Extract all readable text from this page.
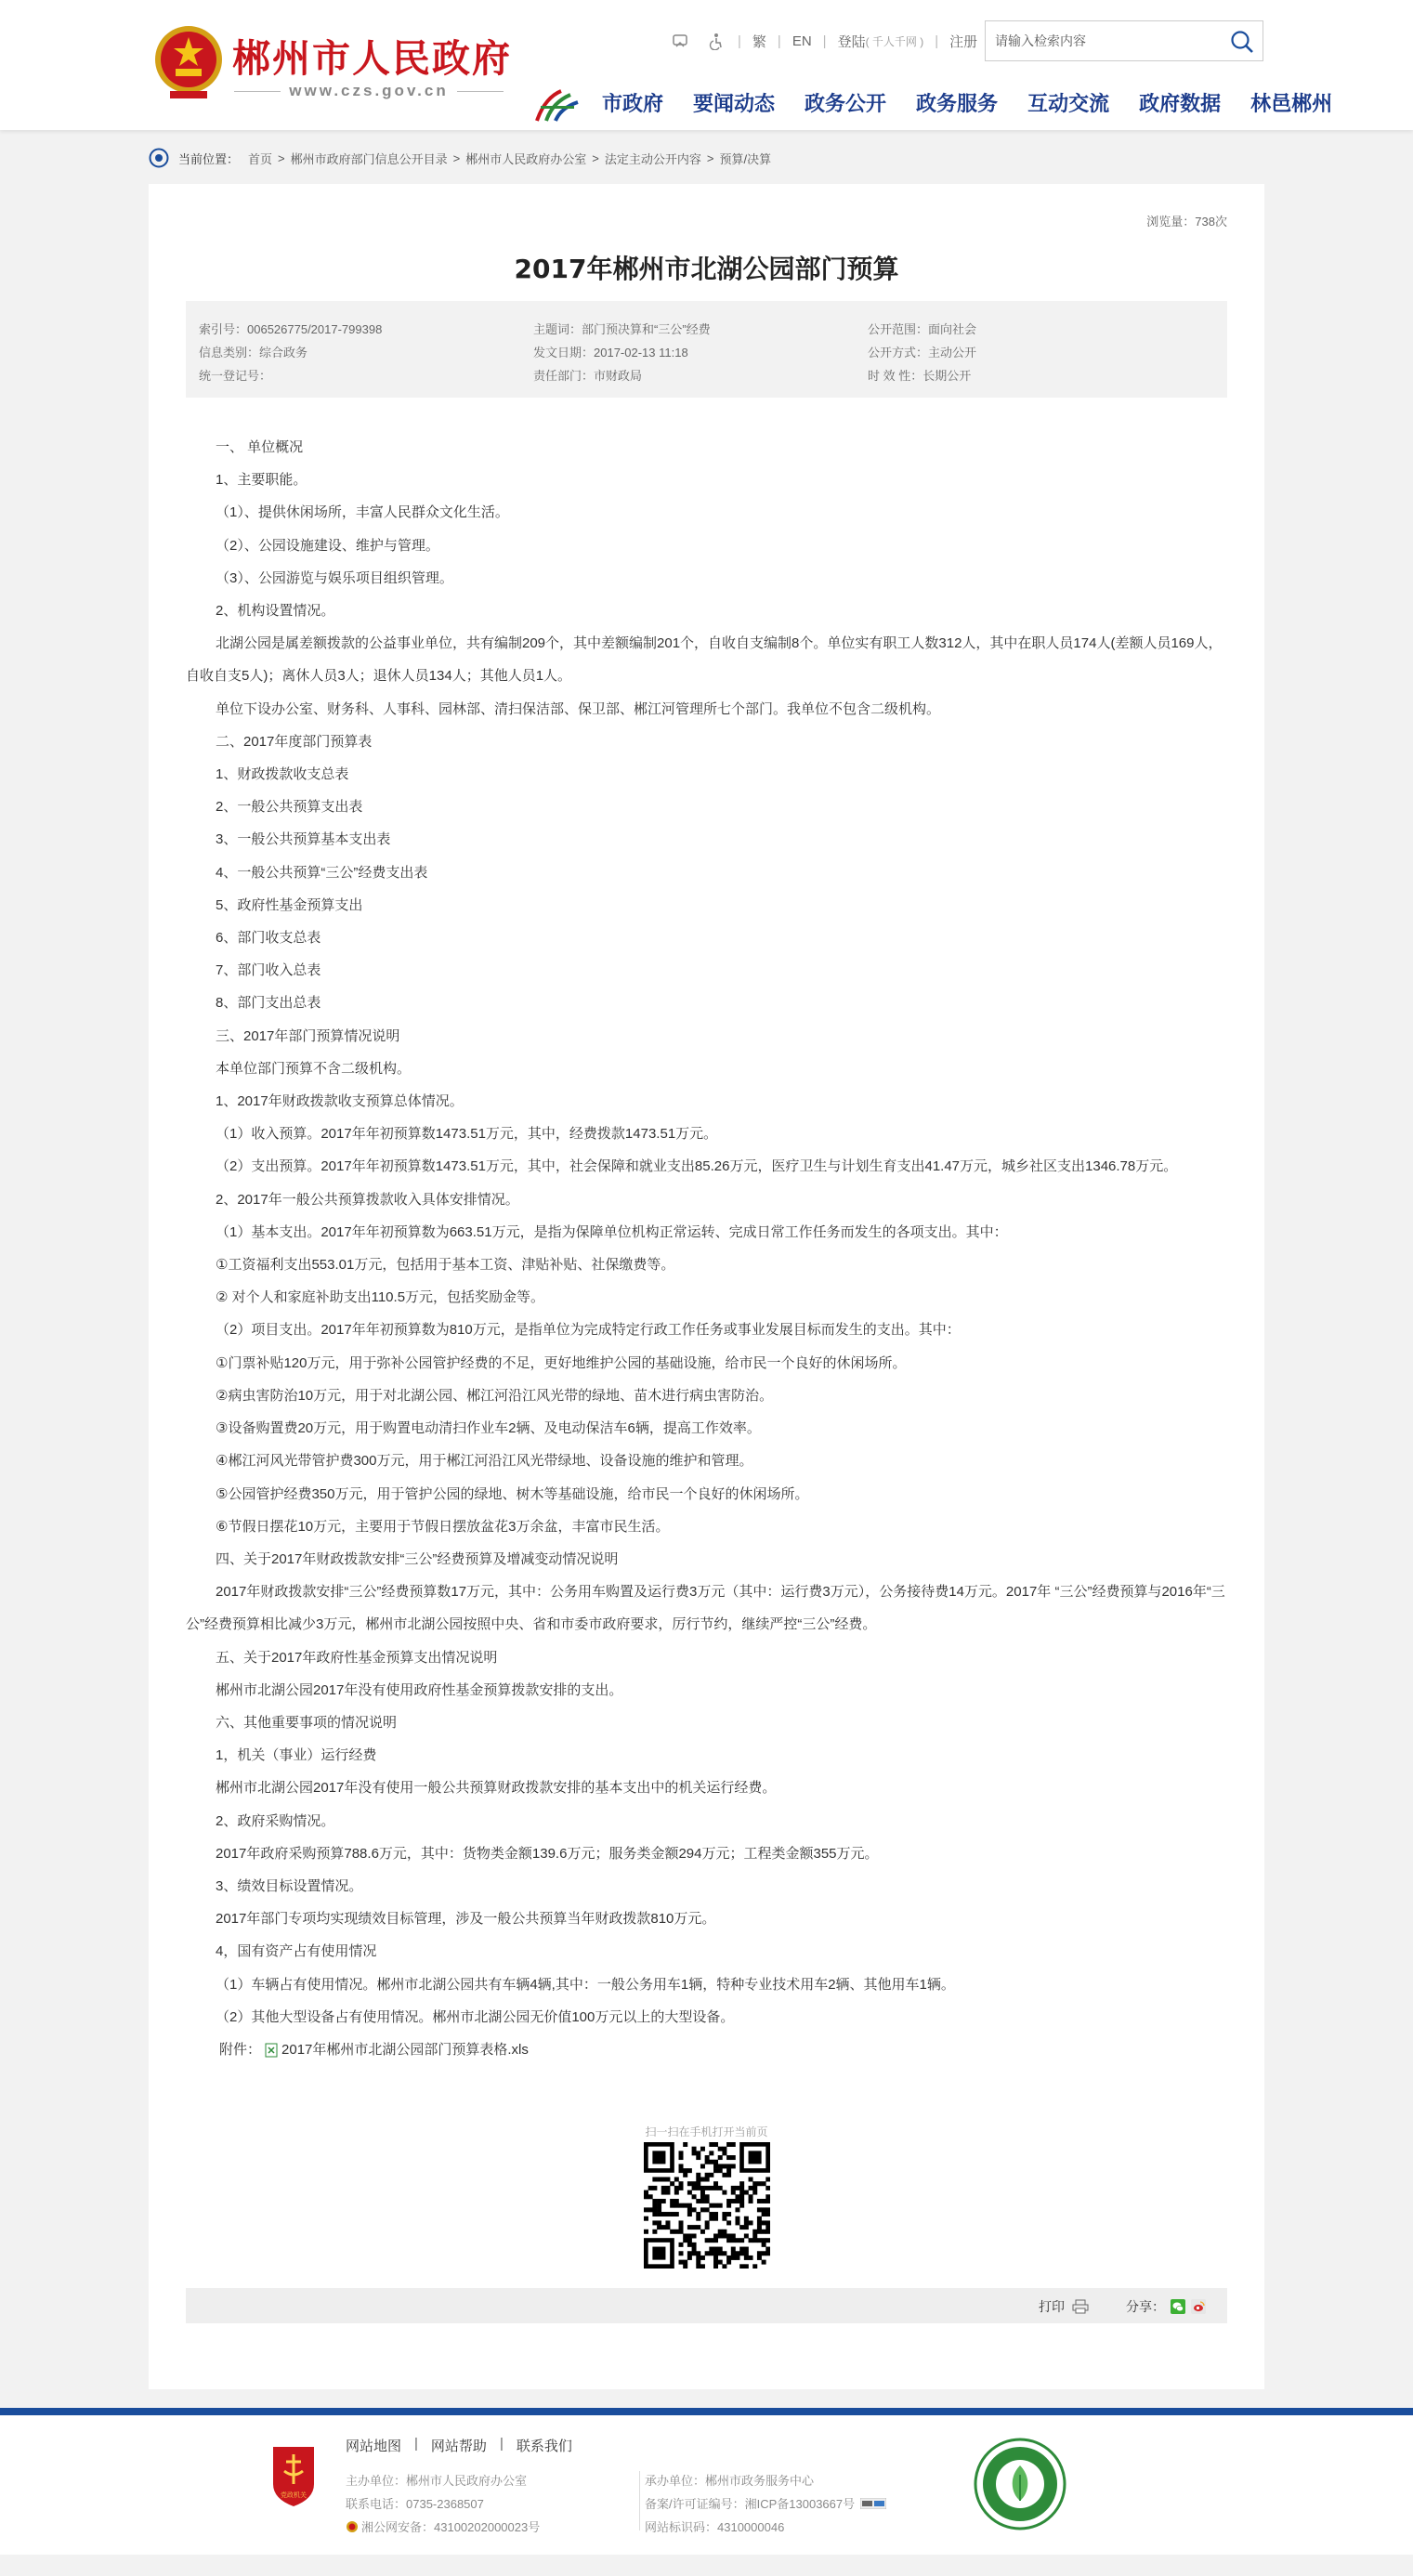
郴州市人民政府
www.czs.gov.cn
| 繁 | EN | 登陆 ( 千人千网 ) | 注册
请输入检索内容
市政府 要闻动态 政务公开 政务服务 互动交流 政府数据 林邑郴州
当前位置： 首页 > 郴州市政府部门信息公开目录 > 郴州市人民政府办公室 > 法定主动公开内容 > 预算/决算
浏览量：738次
2017年郴州市北湖公园部门预算
索引号：006526775/2017-799398
信息类别：综合政务
统一登记号：
主题词：部门预决算和“三公”经费
发文日期：2017-02-13 11:18
责任部门：市财政局
公开范围：面向社会
公开方式：主动公开
时 效 性：长期公开

一、 单位概况

1、主要职能。

（1）、提供休闲场所，丰富人民群众文化生活。

（2）、公园设施建设、维护与管理。

（3）、公园游览与娱乐项目组织管理。

2、机构设置情况。

北湖公园是属差额拨款的公益事业单位，共有编制209个，其中差额编制201个，自收自支编制8个。单位实有职工人数312人，其中在职人员174人(差额人员169人，自收自支5人)；离休人员3人；退休人员134人；其他人员1人。

单位下设办公室、财务科、人事科、园林部、清扫保洁部、保卫部、郴江河管理所七个部门。我单位不包含二级机构。

二、2017年度部门预算表

1、财政拨款收支总表

2、一般公共预算支出表

3、一般公共预算基本支出表

4、一般公共预算“三公”经费支出表

5、政府性基金预算支出

6、部门收支总表

7、部门收入总表

8、部门支出总表

三、2017年部门预算情况说明

本单位部门预算不含二级机构。

1、2017年财政拨款收支预算总体情况。

（1）收入预算。2017年年初预算数1473.51万元，其中，经费拨款1473.51万元。

（2）支出预算。2017年年初预算数1473.51万元，其中，社会保障和就业支出85.26万元，医疗卫生与计划生育支出41.47万元，城乡社区支出1346.78万元。

2、2017年一般公共预算拨款收入具体安排情况。

（1）基本支出。2017年年初预算数为663.51万元，是指为保障单位机构正常运转、完成日常工作任务而发生的各项支出。其中：

①工资福利支出553.01万元，包括用于基本工资、津贴补贴、社保缴费等。

② 对个人和家庭补助支出110.5万元，包括奖励金等。

（2）项目支出。2017年年初预算数为810万元，是指单位为完成特定行政工作任务或事业发展目标而发生的支出。其中：

①门票补贴120万元，用于弥补公园管护经费的不足，更好地维护公园的基础设施，给市民一个良好的休闲场所。

②病虫害防治10万元，用于对北湖公园、郴江河沿江风光带的绿地、苗木进行病虫害防治。

③设备购置费20万元，用于购置电动清扫作业车2辆、及电动保洁车6辆，提高工作效率。

④郴江河风光带管护费300万元，用于郴江河沿江风光带绿地、设备设施的维护和管理。

⑤公园管护经费350万元，用于管护公园的绿地、树木等基础设施，给市民一个良好的休闲场所。

⑥节假日摆花10万元，主要用于节假日摆放盆花3万余盆，丰富市民生活。

四、关于2017年财政拨款安排“三公”经费预算及增减变动情况说明

2017年财政拨款安排“三公”经费预算数17万元，其中：公务用车购置及运行费3万元（其中：运行费3万元），公务接待费14万元。2017年 “三公”经费预算与2016年“三公”经费预算相比减少3万元，郴州市北湖公园按照中央、省和市委市政府要求，厉行节约，继续严控“三公”经费。

五、关于2017年政府性基金预算支出情况说明

郴州市北湖公园2017年没有使用政府性基金预算拨款安排的支出。

六、其他重要事项的情况说明

1，机关（事业）运行经费

郴州市北湖公园2017年没有使用一般公共预算财政拨款安排的基本支出中的机关运行经费。

2、政府采购情况。

2017年政府采购预算788.6万元，其中：货物类金额139.6万元；服务类金额294万元；工程类金额355万元。

3、绩效目标设置情况。

2017年部门专项均实现绩效目标管理，涉及一般公共预算当年财政拨款810万元。

4，国有资产占有使用情况

（1）车辆占有使用情况。郴州市北湖公园共有车辆4辆,其中：一般公务用车1辆，特种专业技术用车2辆、其他用车1辆。

（2）其他大型设备占有使用情况。郴州市北湖公园无价值100万元以上的大型设备。

附件： 2017年郴州市北湖公园部门预算表格.xls
扫一扫在手机打开当前页
打印	分享：
党政机关
网站地图 | 网站帮助 | 联系我们
主办单位：郴州市人民政府办公室
联系电话：0735-2368507
湘公网安备：43100202000023号
承办单位：郴州市政务服务中心
备案/许可证编号：湘ICP备13003667号
网站标识码：4310000046
